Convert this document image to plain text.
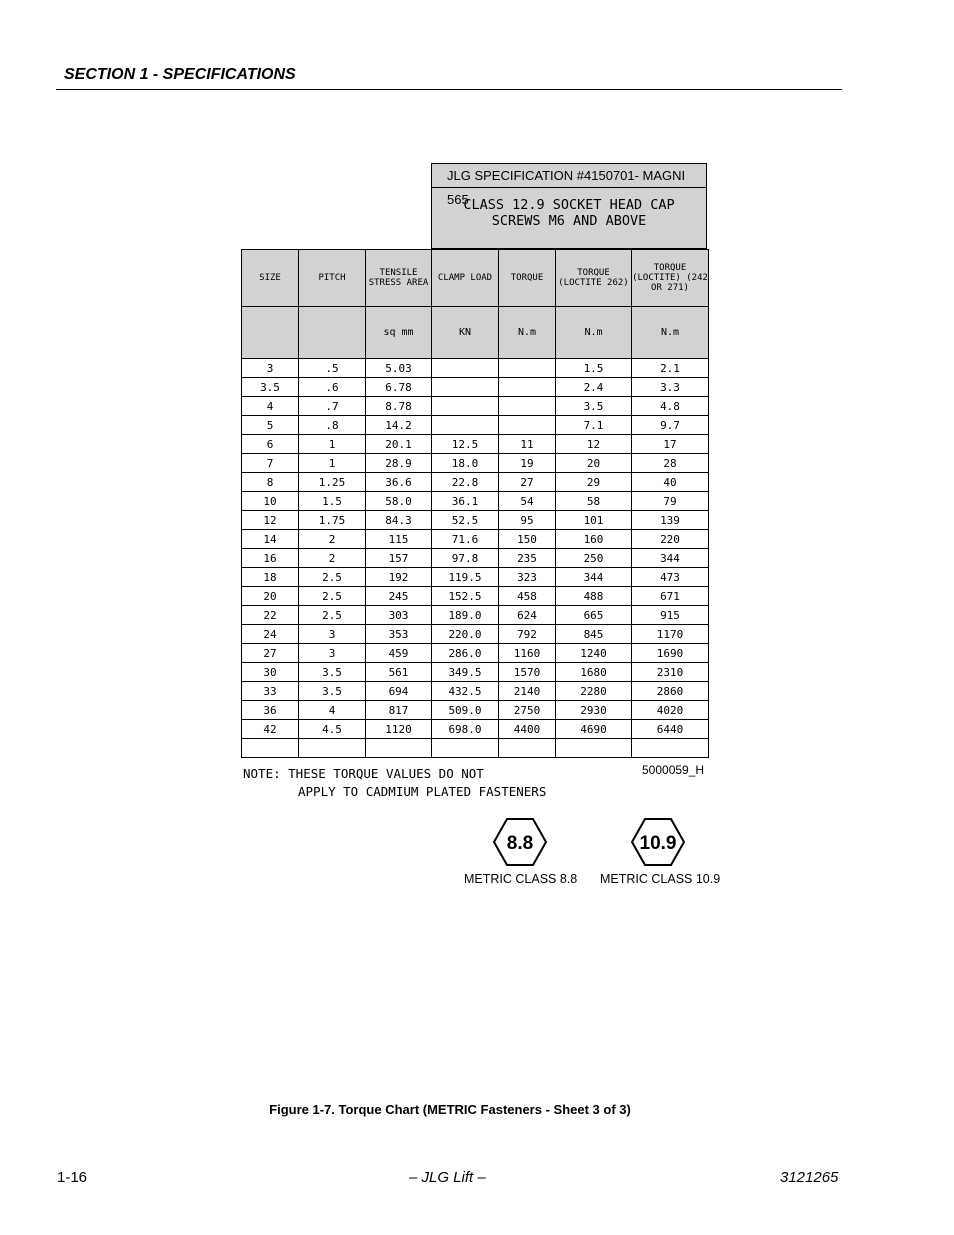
SECTION 1 - SPECIFICATIONS
JLG SPECIFICATION #4150701- MAGNI 565
CLASS 12.9 SOCKET HEAD CAP
SCREWS M6 AND ABOVE
SIZE	PITCH	TENSILE STRESS AREA	CLAMP LOAD	TORQUE	TORQUE (LOCTITE 262)	TORQUE (LOCTITE) (242 OR 271)
		sq mm	KN	N.m	N.m	N.m
3	.5	5.03			1.5	2.1
3.5	.6	6.78			2.4	3.3
4	.7	8.78			3.5	4.8
5	.8	14.2			7.1	9.7
6	1	20.1	12.5	11	12	17
7	1	28.9	18.0	19	20	28
8	1.25	36.6	22.8	27	29	40
10	1.5	58.0	36.1	54	58	79
12	1.75	84.3	52.5	95	101	139
14	2	115	71.6	150	160	220
16	2	157	97.8	235	250	344
18	2.5	192	119.5	323	344	473
20	2.5	245	152.5	458	488	671
22	2.5	303	189.0	624	665	915
24	3	353	220.0	792	845	1170
27	3	459	286.0	1160	1240	1690
30	3.5	561	349.5	1570	1680	2310
33	3.5	694	432.5	2140	2280	2860
36	4	817	509.0	2750	2930	4020
42	4.5	1120	698.0	4400	4690	6440

NOTE: THESE TORQUE VALUES DO NOT
APPLY TO CADMIUM PLATED FASTENERS
5000059_H
8.8	10.9
METRIC CLASS 8.8 METRIC CLASS 10.9
Figure 1-7. Torque Chart (METRIC Fasteners - Sheet 3 of 3)
1-16	– JLG Lift –	3121265
